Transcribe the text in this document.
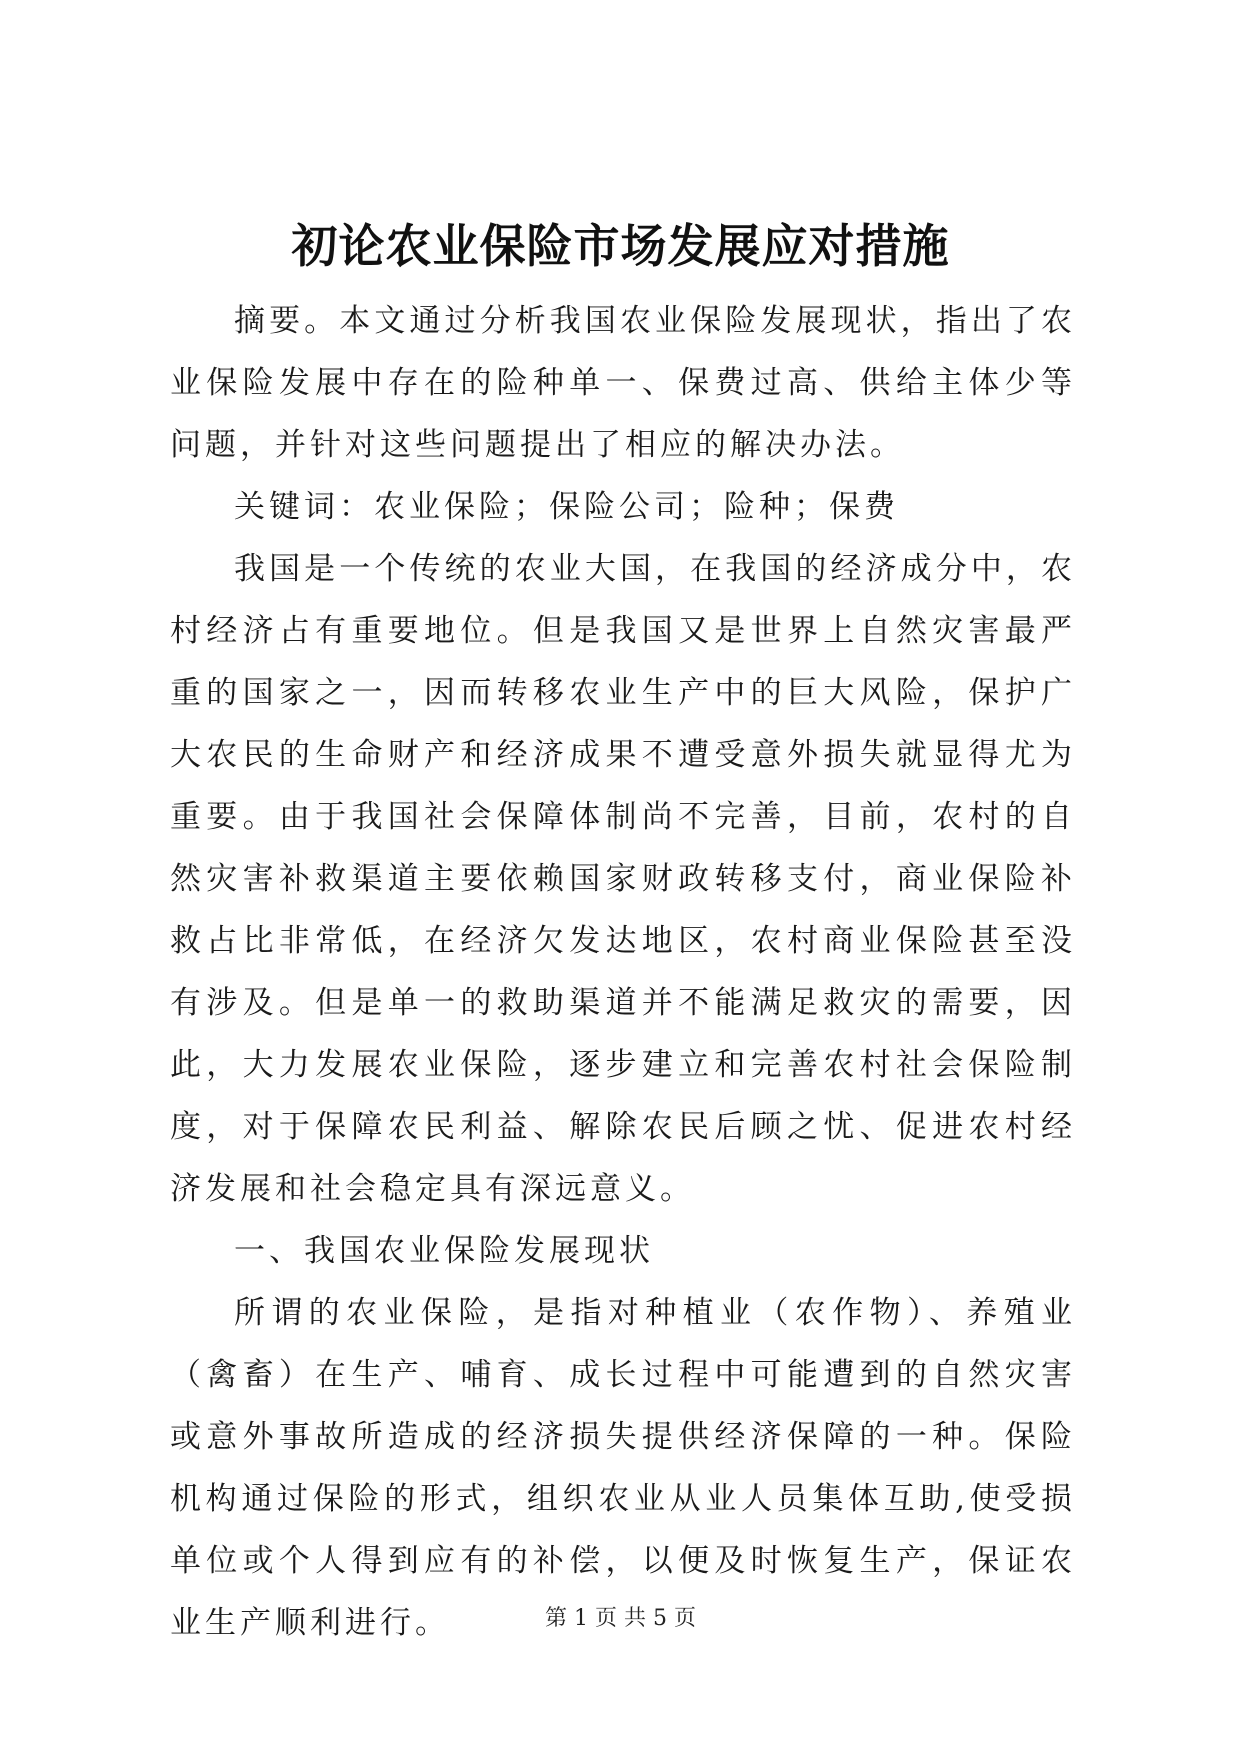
初论农业保险市场发展应对措施

摘要。本文通过分析我国农业保险发展现状，指出了农业保险发展中存在的险种单一、保费过高、供给主体少等问题，并针对这些问题提出了相应的解决办法。

关键词：农业保险；保险公司；险种；保费

我国是一个传统的农业大国，在我国的经济成分中，农村经济占有重要地位。但是我国又是世界上自然灾害最严重的国家之一，因而转移农业生产中的巨大风险，保护广大农民的生命财产和经济成果不遭受意外损失就显得尤为重要。由于我国社会保障体制尚不完善，目前，农村的自然灾害补救渠道主要依赖国家财政转移支付，商业保险补救占比非常低，在经济欠发达地区，农村商业保险甚至没有涉及。但是单一的救助渠道并不能满足救灾的需要，因此，大力发展农业保险，逐步建立和完善农村社会保险制度，对于保障农民利益、解除农民后顾之忧、促进农村经济发展和社会稳定具有深远意义。

一、我国农业保险发展现状

所谓的农业保险，是指对种植业（农作物）、养殖业（禽畜）在生产、哺育、成长过程中可能遭到的自然灾害或意外事故所造成的经济损失提供经济保障的一种。保险机构通过保险的形式，组织农业从业人员集体互助,使受损单位或个人得到应有的补偿，以便及时恢复生产，保证农业生产顺利进行。	第 1 页 共 5 页
